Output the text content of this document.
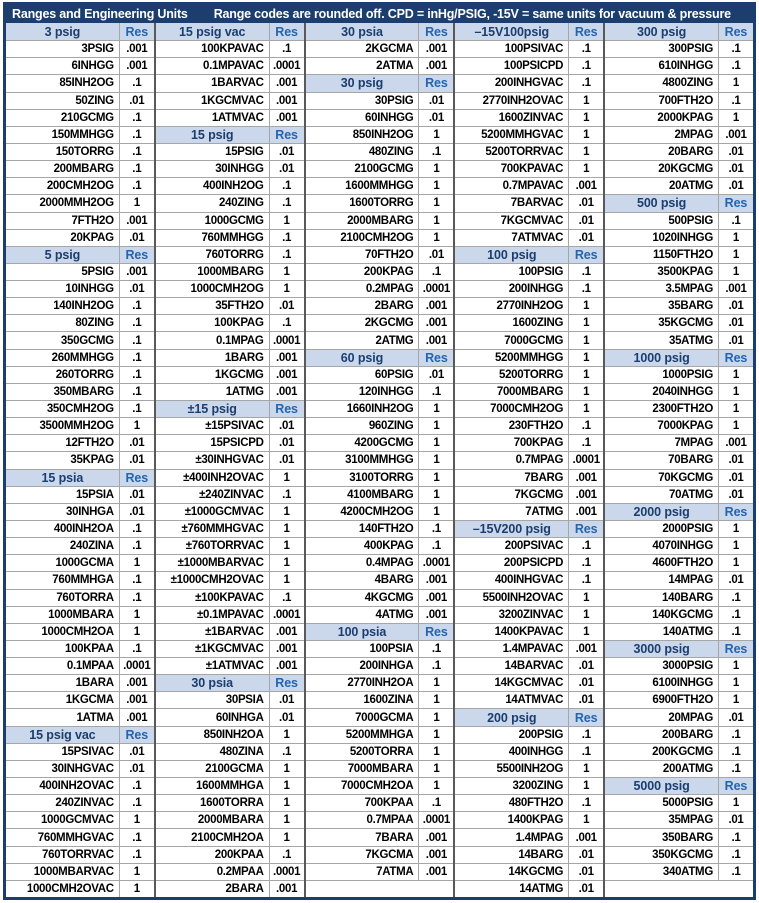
Ranges and Engineering Units Range codes are rounded off. CPD = inHg/PSIG, -15V = same units for vacuum & pressure
3 psig	Res
3PSIG	.001
6INHGG	.001
85INH2OG	.1
50ZING	.01
210GCMG	.1
150MMHGG	.1
150TORRG	.1
200MBARG	.1
200CMH2OG	.1
2000MMH2OG	1
7FTH2O	.001
20KPAG	.01
5 psig	Res
5PSIG	.001
10INHGG	.01
140INH2OG	.1
80ZING	.1
350GCMG	.1
260MMHGG	.1
260TORRG	.1
350MBARG	.1
350CMH2OG	.1
3500MMH2OG	1
12FTH2O	.01
35KPAG	.01
15 psia	Res
15PSIA	.01
30INHGA	.01
400INH2OA	.1
240ZINA	.1
1000GCMA	1
760MMHGA	.1
760TORRA	.1
1000MBARA	1
1000CMH2OA	1
100KPAA	.1
0.1MPAA .0001
1BARA	.001
1KGCMA	.001
1ATMA	.001
15 psig vac	Res
15PSIVAC	.01
30INHGVAC	.01
400INH2OVAC	.1
240ZINVAC	.1
1000GCMVAC	1
760MMHGVAC	.1
760TORRVAC	.1
1000MBARVAC	1
1000CMH2OVAC	1
15 psig vac	Res
100KPAVAC	.1
0.1MPAVAC .0001
1BARVAC	.001
1KGCMVAC	.001
1ATMVAC	.001
15 psig	Res
15PSIG	.01
30INHGG	.01
400INH2OG	.1
240ZING	.1
1000GCMG	1
760MMHGG	.1
760TORRG	.1
1000MBARG	1
1000CMH2OG	1
35FTH2O	.01
100KPAG	.1
0.1MPAG .0001
1BARG	.001
1KGCMG	.001
1ATMG	.001
±15 psig	Res
±15PSIVAC	.01
15PSICPD	.01
±30INHGVAC	.01
±400INH2OVAC	1
±240ZINVAC	.1
±1000GCMVAC	1
±760MMHGVAC	1
±760TORRVAC	1
±1000MBARVAC	1
±1000CMH2OVAC	1
±100KPAVAC	.1
±0.1MPAVAC .0001
±1BARVAC	.001
±1KGCMVAC	.001
±1ATMVAC	.001
30 psia	Res
30PSIA	.01
60INHGA	.01
850INH2OA	1
480ZINA	.1
2100GCMA	1
1600MMHGA	1
1600TORRA	1
2000MBARA	1
2100CMH2OA	1
200KPAA	.1
0.2MPAA .0001
2BARA	.001
30 psia	Res
2KGCMA	.001
2ATMA	.001
30 psig	Res
30PSIG	.01
60INHGG	.01
850INH2OG	1
480ZING	.1
2100GCMG	1
1600MMHGG	1
1600TORRG	1
2000MBARG	1
2100CMH2OG	1
70FTH2O	.01
200KPAG	.1
0.2MPAG .0001
2BARG	.001
2KGCMG	.001
2ATMG	.001
60 psig	Res
60PSIG	.01
120INHGG	.1
1660INH2OG	1
960ZING	1
4200GCMG	1
3100MMHGG	1
3100TORRG	1
4100MBARG	1
4200CMH2OG	1
140FTH2O	.1
400KPAG	.1
0.4MPAG .0001
4BARG	.001
4KGCMG	.001
4ATMG	.001
100 psia	Res
100PSIA	.1
200INHGA	.1
2770INH2OA	1
1600ZINA	1
7000GCMA	1
5200MMHGA	1
5200TORRA	1
7000MBARA	1
7000CMH2OA	1
700KPAA	.1
0.7MPAA .0001
7BARA	.001
7KGCMA	.001
7ATMA	.001
–15V100psig	Res
100PSIVAC	.1
100PSICPD	.1
200INHGVAC	.1
2770INH2OVAC	1
1600ZINVAC	1
5200MMHGVAC	1
5200TORRVAC	1
700KPAVAC	1
0.7MPAVAC	.001
7BARVAC	.01
7KGCMVAC	.01
7ATMVAC	.01
100 psig	Res
100PSIG	.1
200INHGG	.1
2770INH2OG	1
1600ZING	1
7000GCMG	1
5200MMHGG	1
5200TORRG	1
7000MBARG	1
7000CMH2OG	1
230FTH2O	.1
700KPAG	.1
0.7MPAG .0001
7BARG	.001
7KGCMG	.001
7ATMG	.001
–15V200 psig	Res
200PSIVAC	.1
200PSICPD	.1
400INHGVAC	.1
5500INH2OVAC	1
3200ZINVAC	1
1400KPAVAC	1
1.4MPAVAC	.001
14BARVAC	.01
14KGCMVAC	.01
14ATMVAC	.01
200 psig	Res
200PSIG	.1
400INHGG	.1
5500INH2OG	1
3200ZING	1
480FTH2O	.1
1400KPAG	1
1.4MPAG	.001
14BARG	.01
14KGCMG	.01
14ATMG	.01
300 psig	Res
300PSIG	.1
610INHGG	.1
4800ZING	1
700FTH2O	.1
2000KPAG	1
2MPAG	.001
20BARG	.01
20KGCMG	.01
20ATMG	.01
500 psig	Res
500PSIG	.1
1020INHGG	1
1150FTH2O	1
3500KPAG	1
3.5MPAG	.001
35BARG	.01
35KGCMG	.01
35ATMG	.01
1000 psig	Res
1000PSIG	1
2040INHGG	1
2300FTH2O	1
7000KPAG	1
7MPAG	.001
70BARG	.01
70KGCMG	.01
70ATMG	.01
2000 psig	Res
2000PSIG	1
4070INHGG	1
4600FTH2O	1
14MPAG	.01
140BARG	.1
140KGCMG	.1
140ATMG	.1
3000 psig	Res
3000PSIG	1
6100INHGG	1
6900FTH2O	1
20MPAG	.01
200BARG	.1
200KGCMG	.1
200ATMG	.1
5000 psig	Res
5000PSIG	1
35MPAG	.01
350BARG	.1
350KGCMG	.1
340ATMG	.1
